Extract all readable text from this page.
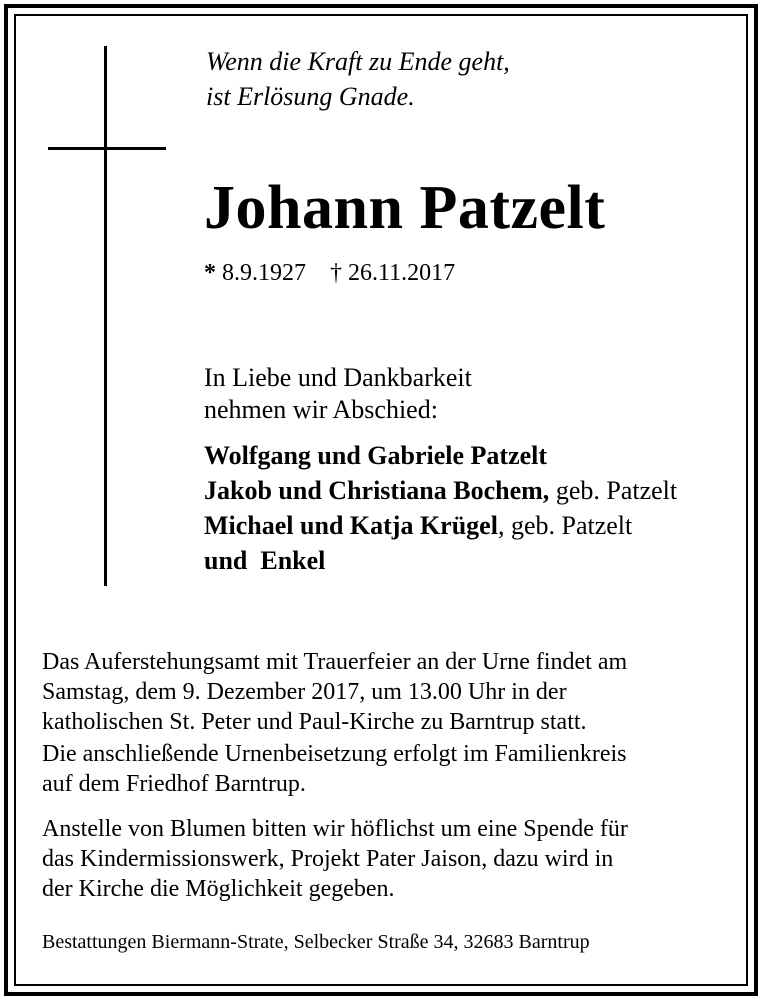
Wenn die Kraft zu Ende geht,
ist Erlösung Gnade.
Johann Patzelt
* 8.9.1927 † 26.11.2017
In Liebe und Dankbarkeit
nehmen wir Abschied:
Wolfgang und Gabriele Patzelt
Jakob und Christiana Bochem, geb. Patzelt
Michael und Katja Krügel, geb. Patzelt
und  Enkel
Das Auferstehungsamt mit Trauerfeier an der Urne findet am
Samstag, dem 9. Dezember 2017, um 13.00 Uhr in der
katholischen St. Peter und Paul-Kirche zu Barntrup statt.
Die anschließende Urnenbeisetzung erfolgt im Familienkreis
auf dem Friedhof Barntrup.
Anstelle von Blumen bitten wir höflichst um eine Spende für
das Kindermissionswerk, Projekt Pater Jaison, dazu wird in
der Kirche die Möglichkeit gegeben.
Bestattungen Biermann-Strate, Selbecker Straße 34, 32683 Barntrup
